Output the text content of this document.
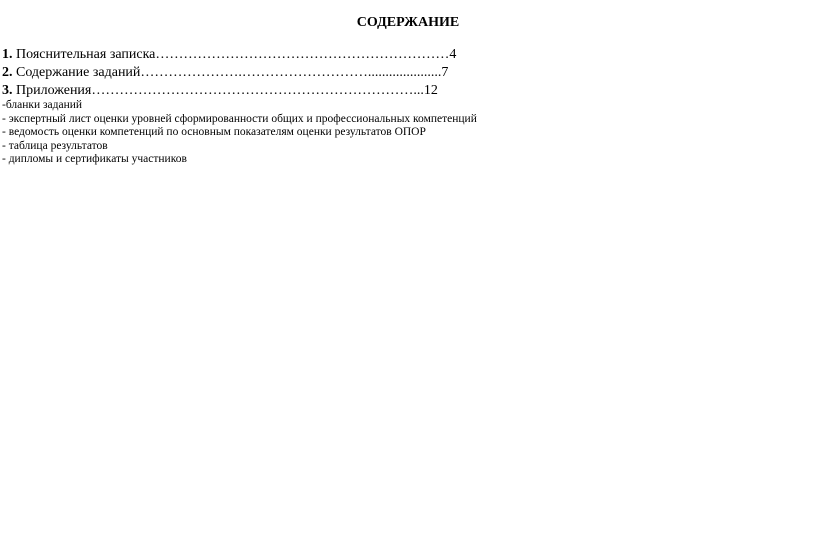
СОДЕРЖАНИЕ
1. Пояснительная записка………………………………………………………4
2. Содержание заданий………………….……………………….....................7
3. Приложения……………………………………………………………...12
-бланки заданий
- экспертный лист оценки уровней сформированности общих и профессиональных компетенций
- ведомость оценки компетенций по основным показателям оценки результатов ОПОР
- таблица результатов
- дипломы и сертификаты участников
